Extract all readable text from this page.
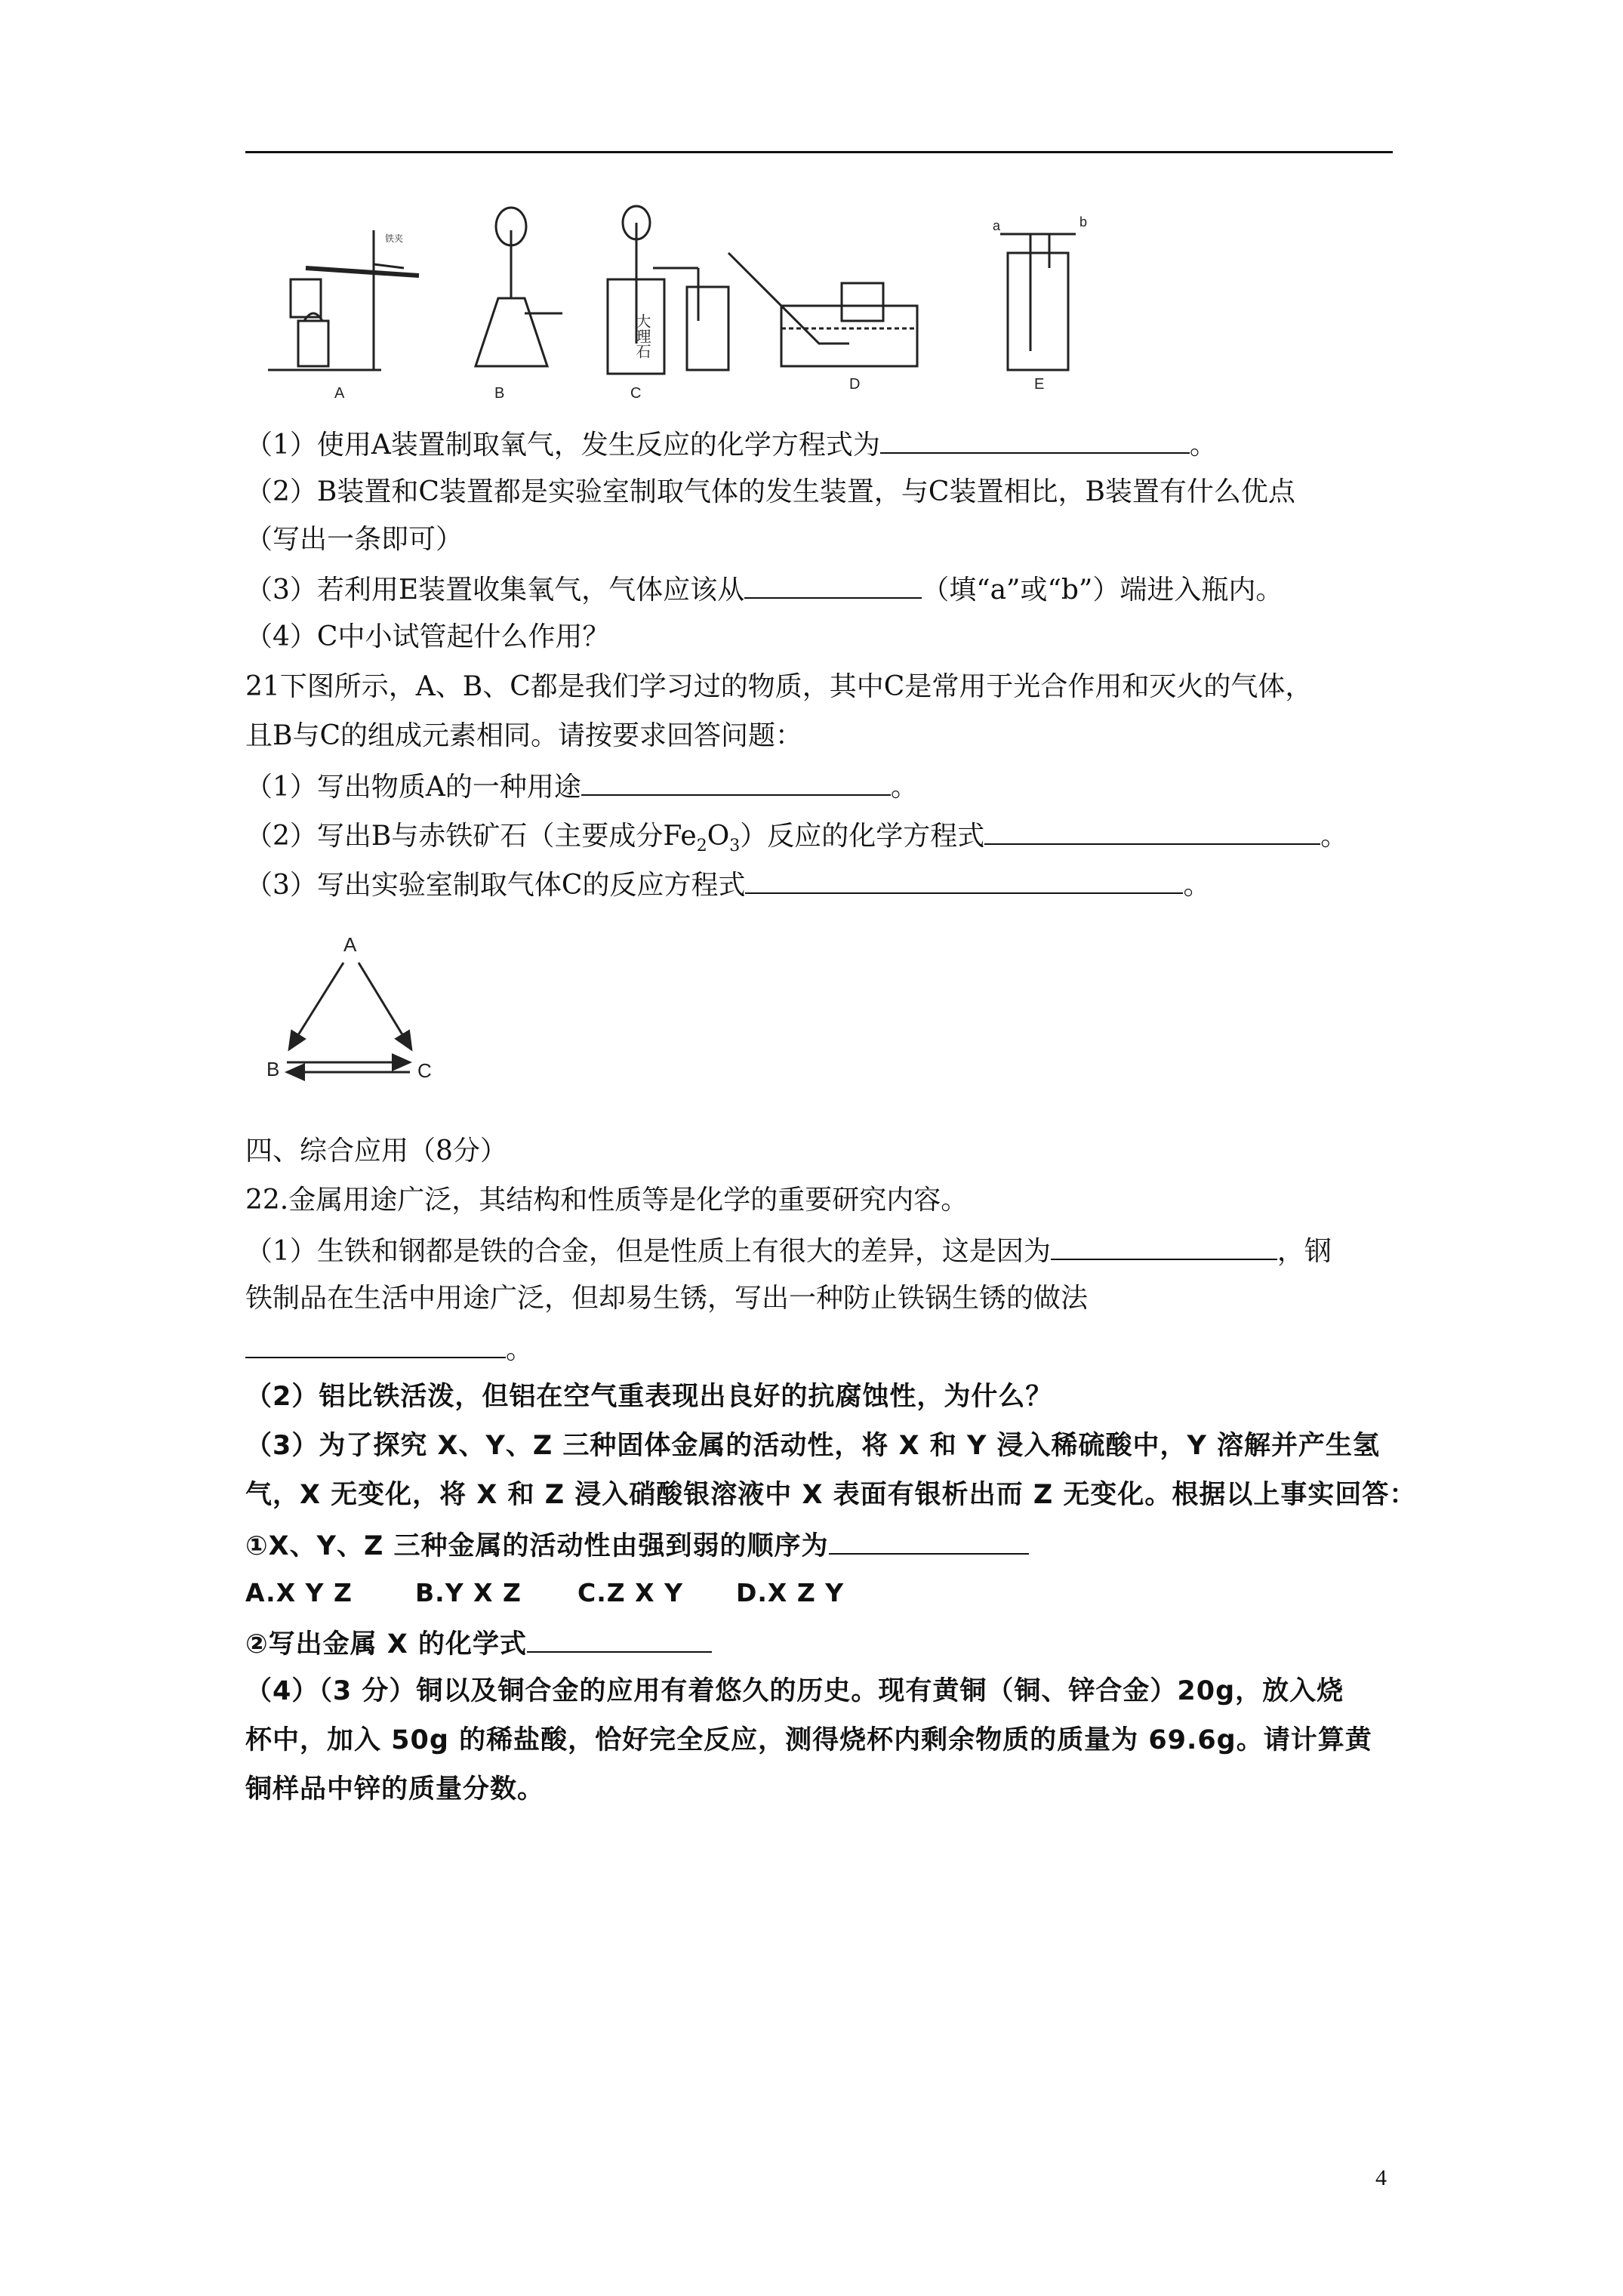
A	B	C
D	E
a	b
铁夹
大理石
（1）使用A装置制取氧气，发生反应的化学方程式为	。
（2）B装置和C装置都是实验室制取气体的发生装置，与C装置相比，B装置有什么优点
（写出一条即可）
（3）若利用E装置收集氧气，气体应该从	（填“a”或“b”）端进入瓶内。
（4）C中小试管起什么作用？
21下图所示，A、B、C都是我们学习过的物质，其中C是常用于光合作用和灭火的气体，
且B与C的组成元素相同。请按要求回答问题：
（1）写出物质A的一种用途	。
（2）写出B与赤铁矿石（主要成分$Fe_2O_3$）反应的化学方程式	。
（3）写出实验室制取气体C的反应方程式	。
A
B	C
四、综合应用（8分）
22.金属用途广泛，其结构和性质等是化学的重要研究内容。
（1）生铁和钢都是铁的合金，但是性质上有很大的差异，这是因为	，钢
铁制品在生活中用途广泛，但却易生锈，写出一种防止铁锅生锈的做法
。
（2）铝比铁活泼，但铝在空气重表现出良好的抗腐蚀性，为什么？
（3）为了探究 X、Y、Z 三种固体金属的活动性，将 X 和 Y 浸入稀硫酸中，Y 溶解并产生氢
气，X 无变化，将 X 和 Z 浸入硝酸银溶液中 X 表面有银析出而 Z 无变化。根据以上事实回答：
①X、Y、Z 三种金属的活动性由强到弱的顺序为
A.X Y Z	B.Y X Z C.Z X Y D.X Z Y
②写出金属 X 的化学式
（4）（3 分）铜以及铜合金的应用有着悠久的历史。现有黄铜（铜、锌合金）20g，放入烧
杯中，加入 50g 的稀盐酸，恰好完全反应，测得烧杯内剩余物质的质量为 69.6g。请计算黄
铜样品中锌的质量分数。
4
